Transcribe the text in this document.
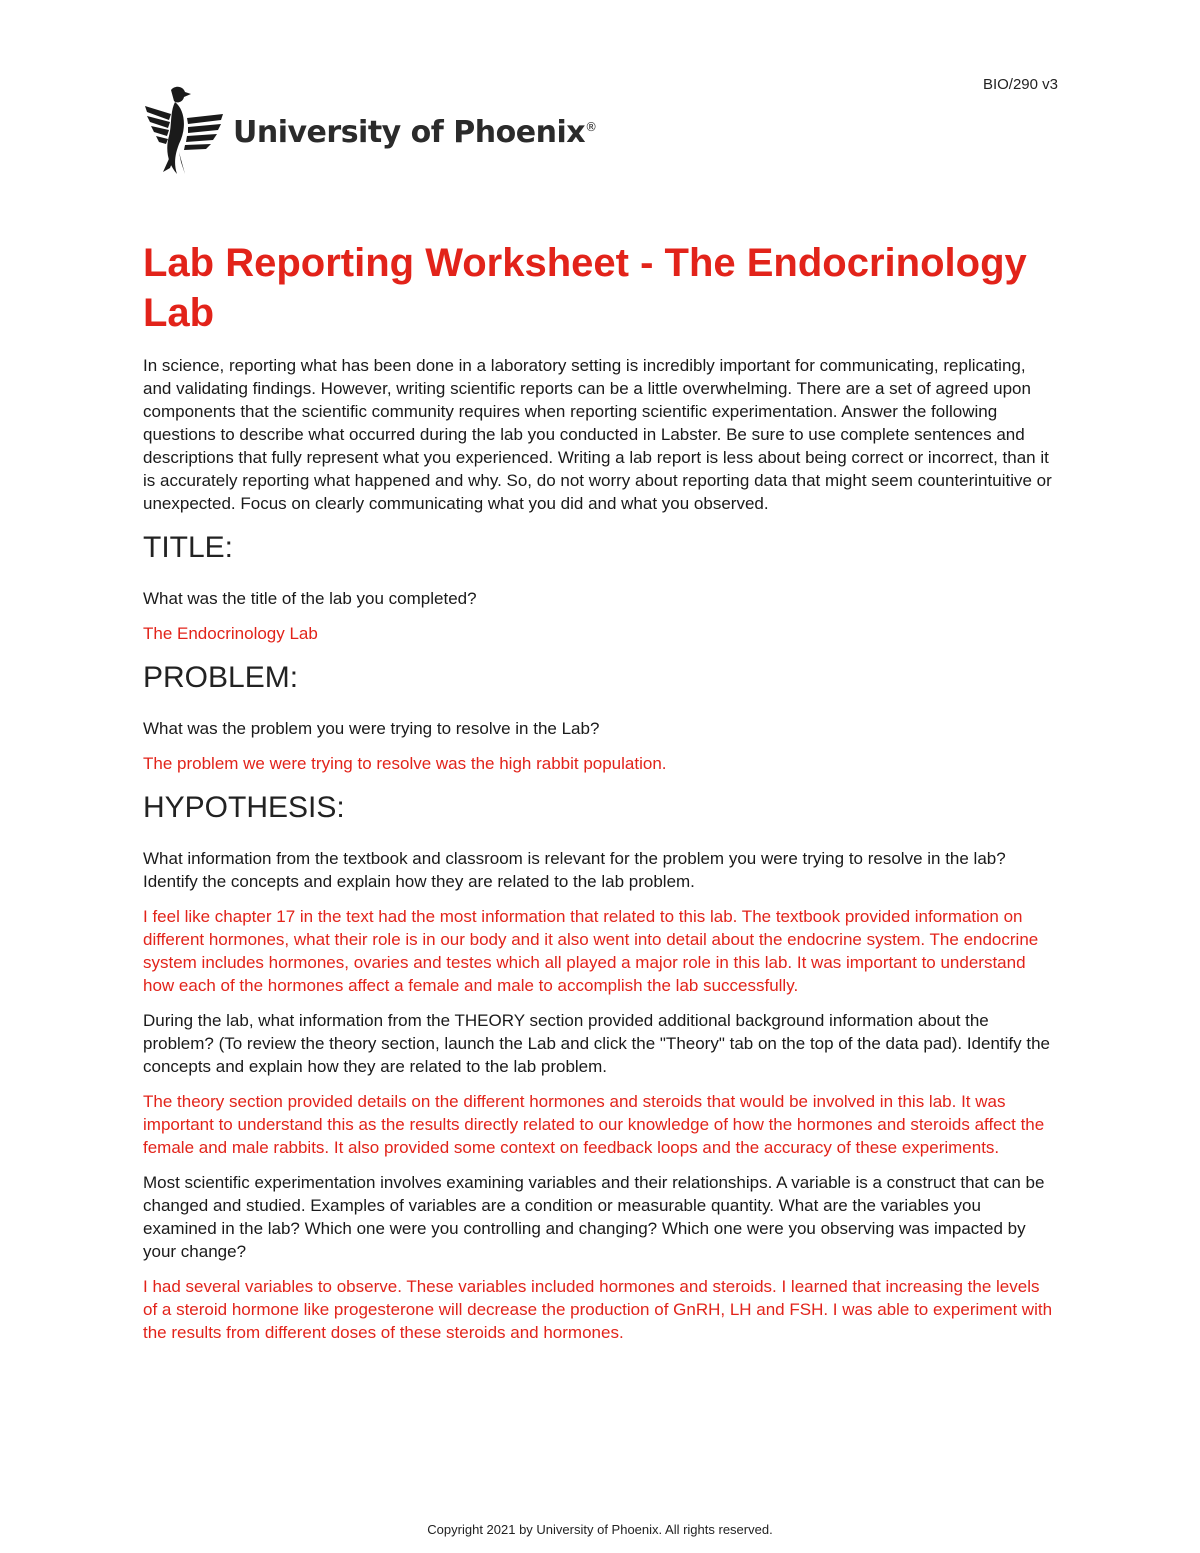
BIO/290 v3
University of Phoenix®
Lab Reporting Worksheet - The Endocrinology Lab

In science, reporting what has been done in a laboratory setting is incredibly important for communicating, replicating, and validating findings. However, writing scientific reports can be a little overwhelming. There are a set of agreed upon components that the scientific community requires when reporting scientific experimentation. Answer the following questions to describe what occurred during the lab you conducted in Labster. Be sure to use complete sentences and descriptions that fully represent what you experienced. Writing a lab report is less about being correct or incorrect, than it is accurately reporting what happened and why. So, do not worry about reporting data that might seem counterintuitive or unexpected. Focus on clearly communicating what you did and what you observed.

TITLE:

What was the title of the lab you completed?

The Endocrinology Lab

PROBLEM:

What was the problem you were trying to resolve in the Lab?

The problem we were trying to resolve was the high rabbit population.

HYPOTHESIS:

What information from the textbook and classroom is relevant for the problem you were trying to resolve in the lab? Identify the concepts and explain how they are related to the lab problem.

I feel like chapter 17 in the text had the most information that related to this lab. The textbook provided information on different hormones, what their role is in our body and it also went into detail about the endocrine system. The endocrine system includes hormones, ovaries and testes which all played a major role in this lab. It was important to understand how each of the hormones affect a female and male to accomplish the lab successfully.

During the lab, what information from the THEORY section provided additional background information about the problem? (To review the theory section, launch the Lab and click the "Theory" tab on the top of the data pad). Identify the concepts and explain how they are related to the lab problem.

The theory section provided details on the different hormones and steroids that would be involved in this lab. It was important to understand this as the results directly related to our knowledge of how the hormones and steroids affect the female and male rabbits. It also provided some context on feedback loops and the accuracy of these experiments.

Most scientific experimentation involves examining variables and their relationships. A variable is a construct that can be changed and studied. Examples of variables are a condition or measurable quantity. What are the variables you examined in the lab? Which one were you controlling and changing? Which one were you observing was impacted by your change?

I had several variables to observe. These variables included hormones and steroids. I learned that increasing the levels of a steroid hormone like progesterone will decrease the production of GnRH, LH and FSH. I was able to experiment with the results from different doses of these steroids and hormones.

Copyright 2021 by University of Phoenix. All rights reserved.
